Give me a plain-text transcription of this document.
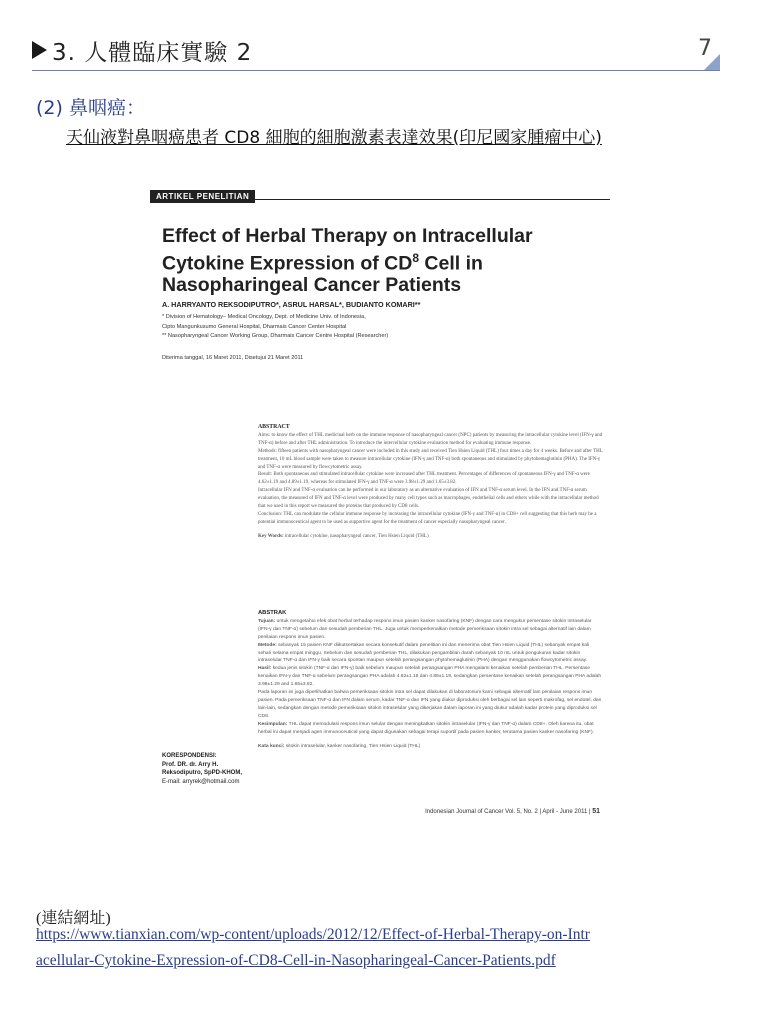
3. 人體臨床實驗 2	7
(2) 鼻咽癌：
天仙液對鼻咽癌患者 CD8 細胞的細胞激素表達效果(印尼國家腫瘤中心)
ARTIKEL PENELITIAN
Effect of Herbal Therapy on Intracellular
Cytokine Expression of $CD^8$ Cell in
Nasopharingeal Cancer Patients
A. HARRYANTO REKSODIPUTRO*, ASRUL HARSAL*, BUDIANTO KOMARI**
* Division of Hematology– Medical Oncology, Dept. of Medicine Univ. of Indonesia,
Cipto Mangunkusumo General Hospital, Dharmais Cancer Center Hospital
** Nasopharyngeal Cancer Working Group, Dharmais Cancer Centre Hospital (Researcher)
Diterima tanggal, 16 Maret 2011, Disetujui 21 Maret 2011
ABSTRACT

Aims: to know the effect of THL medicinal herb on the immune response of nasopharyngeal cancer (NPC) patients by measuring the intracellular cytokine level (IFN-γ and TNF-α) before and after THL administration. To introduce the intercellular cytokine evaluation method for evaluating immune response.

Methods: fifteen patients with nasopharyngeal cancer were included in this study and received Tien Hsien Liquid (THL) four times a day for 4 weeks. Before and after THL treatment, 10 mL blood sample were taken to measure intracellular cytokine (IFN-γ and TNF-α) both spontaneous and stimulated by phytohemaglutinin (PHA). The IFN-γ and TNF-α were measured by flowcytometric assay.

Result: Both spontaneous and stimulated intracellular cytokine were increased after THL treatment. Percentages of differences of spontaneous IFN-γ and TNF-α were 4.62±1.19 and 4.89±1.19, whereas for stimulated IFN-γ and TNF-α were 3.98±1.29 and 1.65±3.82.

Intracellular IFN and TNF-α evaluation can be performed in our laboratory as an alternative evaluation of IFN and TNF-α serum level. In the IFN and TNF-α serum evaluation, the measured of IFN and TNF-α level were produced by many cell types such as macrophages, endothelial cells and others while with the intracellular method that we used in this report we measured the proteins that produced by CD8 cells.

Conclusion: THL can modulate the cellular immune response by increasing the intracellular cytokine (IFN-γ and TNF-α) in CD8+ cell suggesting that this herb may be a potential immunoceutical agent to be used as supportive agent for the treatment of cancer especially nasopharyngeal cancer.

Key Words: intracellular cytokine, nasopharyngeal cancer, Tien Hsien Liquid (THL)

ABSTRAK

Tujuan: untuk mengetahui efek obat herbal terhadap respons imun pasien kanker nasofaring (KNF) dengan cara mengukur persentase sitokin intraselular (IFN-γ dan TNF-α) sebelum dan sesudah pemberian THL. Juga untuk memperkenalkan metode pemeriksaan sitokin intra sel sebagai alternatif lain dalam penilaian respons imun pasien.

Metode: sebanyak 15 pasien KNF diikutsertakan secara konsekutif dalam penelitian ini dan menerima obat Tien Hsien Liquid (THL) sebanyak empat kali sehari selama empat minggu. Sebelum dan sesudah pemberian THL, dilakukan pengambilan darah sebanyak 10 mL untuk pengukuran kadar sitokin intraselular TNF-α dan IFN-γ baik secara spontan maupun setelah perangsangan phytohemaglutinin (PHA) dengan menggunakan flowcytometric assay.

Hasil: kedua jenis sitokin (TNF-α dan IFN-γ) baik sebelum maupun setelah perangsangan PHA mengalami kenaikan setelah pemberian THL. Persentase kenaikan IFN-γ dan TNF-α sebelum perangsangan PHA adalah 4.62±1.19 dan 4.89±1.19, sedangkan persentase kenaikan setelah perangsangan PHA adalah 3.98±1.29 and 1.65±3.82.

Pada laporan ini juga diperlihatkan bahwa pemeriksaan sitokin intra sel dapat dilakukan di laboratorium kami sebagai alternatif lain penilaian respons imun pasien. Pada pemeriksaan TNF-α dan IFN dalam serum, kadar TNF-α dan IFN yang diukur diproduksi oleh berbagai sel lain seperti makrofag, sel endotel, dan lain-lain, sedangkan dengan metode pemeriksaan sitokin intraselular yang dikerjakan dalam laporan ini yang diukur adalah kadar protein yang diproduksi sel CD8.

Kesimpulan: THL dapat memodulasi respons imun selular dengan meningkatkan sitokin intraselular (IFN-γ dan TNF-α) dalam CD8+. Oleh karena itu, obat herbal ini dapat menjadi agen immunoceutical yang dapat digunakan sebagai terapi suportif pada pasien kanker, terutama pasien kanker nasofaring (KNF).

Kata kunci: sitokin intraselular, kanker nasofaring, Tien Hsien Liquid (THL)

KORESPONDENSI:
Prof. DR. dr. Arry H. Reksodiputro, SpPD-KHOM,
E-mail: arryrek@hotmail.com
Indonesian Journal of Cancer Vol. 5, No. 2 | April - June 2011 | 51
(連結網址)
https://www.tianxian.com/wp-content/uploads/2012/12/Effect-of-Herbal-Therapy-on-Intr
acellular-Cytokine-Expression-of-CD8-Cell-in-Nasopharingeal-Cancer-Patients.pdf
